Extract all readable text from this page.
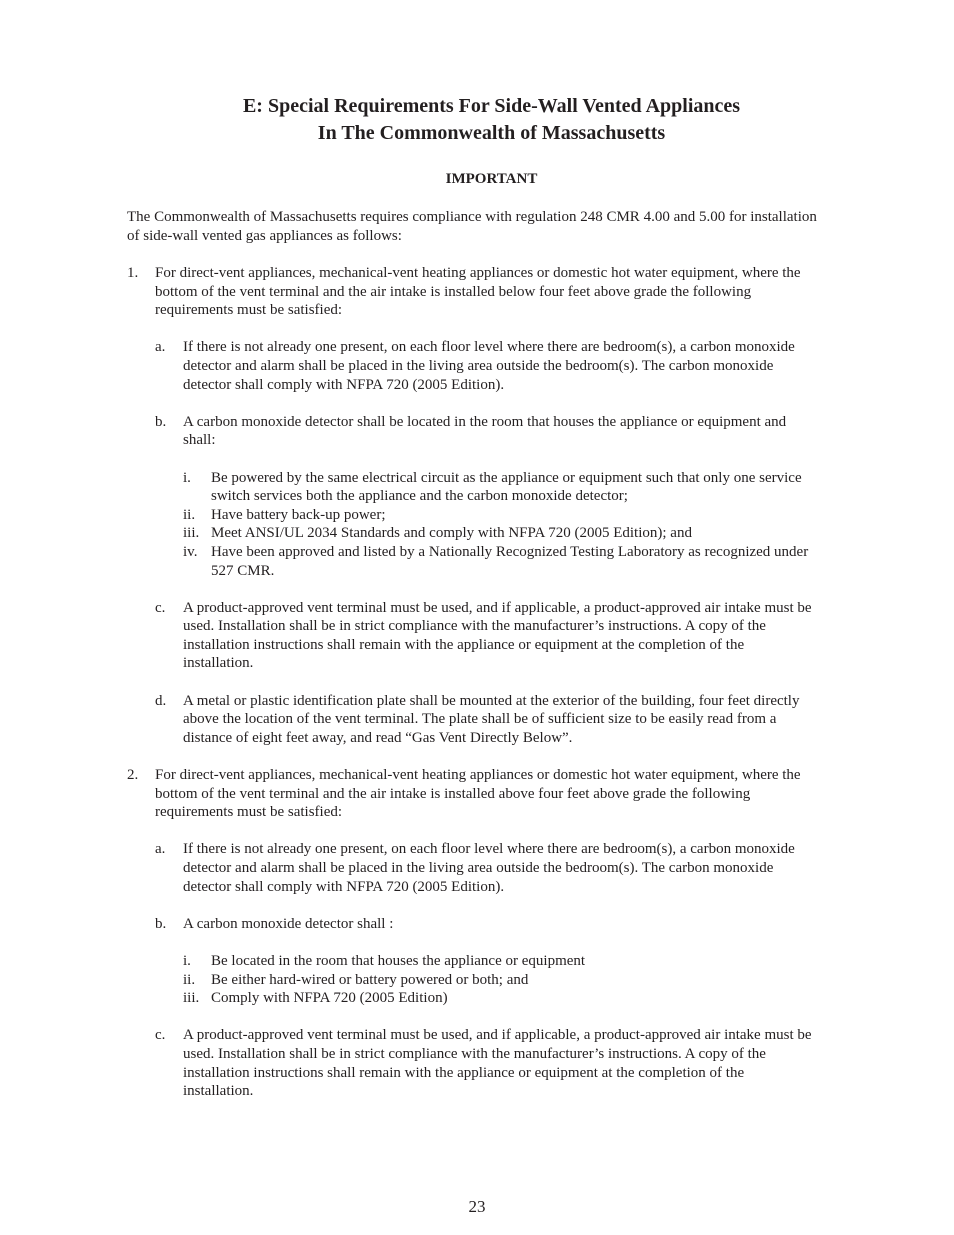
E: Special Requirements For Side-Wall Vented Appliances
In The Commonwealth of Massachusetts
IMPORTANT
The Commonwealth of Massachusetts requires compliance with regulation 248 CMR 4.00 and 5.00 for installation of side-wall vented gas appliances as follows:
1.	For direct-vent appliances, mechanical-vent heating appliances or domestic hot water equipment, where the bottom of the vent terminal and the air intake is installed below four feet above grade the following requirements must be satisfied:
a.	If there is not already one present, on each floor level where there are bedroom(s), a carbon monoxide detector and alarm shall be placed in the living area outside the bedroom(s). The carbon monoxide detector shall comply with NFPA 720 (2005 Edition).
b.	A carbon monoxide detector shall be located in the room that houses the appliance or equipment and shall:
i.	Be powered by the same electrical circuit as the appliance or equipment such that only one service switch services both the appliance and the carbon monoxide detector;
ii.	Have battery back-up power;
iii. Meet ANSI/UL 2034 Standards and comply with NFPA 720 (2005 Edition); and
iv. Have been approved and listed by a Nationally Recognized Testing Laboratory as recognized under 527 CMR.
c.	A product-approved vent terminal must be used, and if applicable, a product-approved air intake must be used. Installation shall be in strict compliance with the manufacturer’s instructions. A copy of the installation instructions shall remain with the appliance or equipment at the completion of the installation.
d.	A metal or plastic identification plate shall be mounted at the exterior of the building, four feet directly above the location of the vent terminal. The plate shall be of sufficient size to be easily read from a distance of eight feet away, and read “Gas Vent Directly Below”.
2.	For direct-vent appliances, mechanical-vent heating appliances or domestic hot water equipment, where the bottom of the vent terminal and the air intake is installed above four feet above grade the following requirements must be satisfied:
a.	If there is not already one present, on each floor level where there are bedroom(s), a carbon monoxide detector and alarm shall be placed in the living area outside the bedroom(s). The carbon monoxide detector shall comply with NFPA 720 (2005 Edition).
b.	A carbon monoxide detector shall :
i.	Be located in the room that houses the appliance or equipment
ii.	Be either hard-wired or battery powered or both; and
iii. Comply with NFPA 720 (2005 Edition)
c.	A product-approved vent terminal must be used, and if applicable, a product-approved air intake must be used. Installation shall be in strict compliance with the manufacturer’s instructions. A copy of the installation instructions shall remain with the appliance or equipment at the completion of the installation.
23
